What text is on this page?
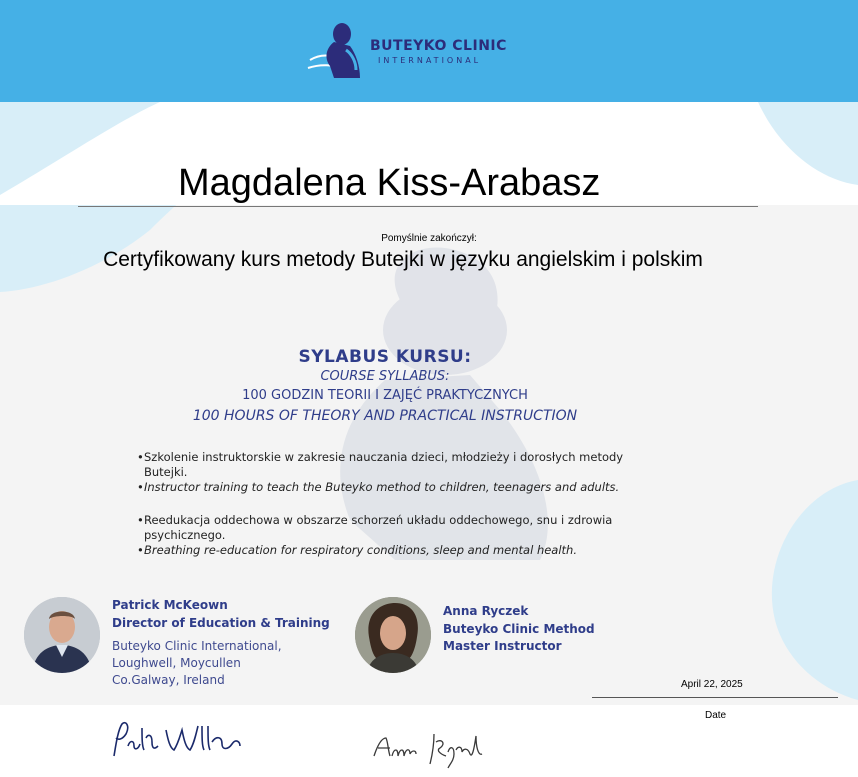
BUTEYKO CLINIC
INTERNATIONAL
Magdalena Kiss-Arabasz
Pomyślnie zakończył:
Certyfikowany kurs metody Butejki w języku angielskim i polskim
SYLABUS KURSU:
COURSE SYLLABUS:
100 GODZIN TEORII I ZAJĘĆ PRAKTYCZNYCH
100 HOURS OF THEORY AND PRACTICAL INSTRUCTION
• Szkolenie instruktorskie w zakresie nauczania dzieci, młodzieży i dorosłych metody Butejki.
• Instructor training to teach the Buteyko method to children, teenagers and adults.
• Reedukacja oddechowa w obszarze schorzeń układu oddechowego, snu i zdrowia psychicznego.
• Breathing re-education for respiratory conditions, sleep and mental health.
Patrick McKeown
Director of Education & Training
Buteyko Clinic International,
Loughwell, Moycullen
Co.Galway, Ireland
Anna Ryczek
Buteyko Clinic Method
Master Instructor
April 22, 2025
Date
